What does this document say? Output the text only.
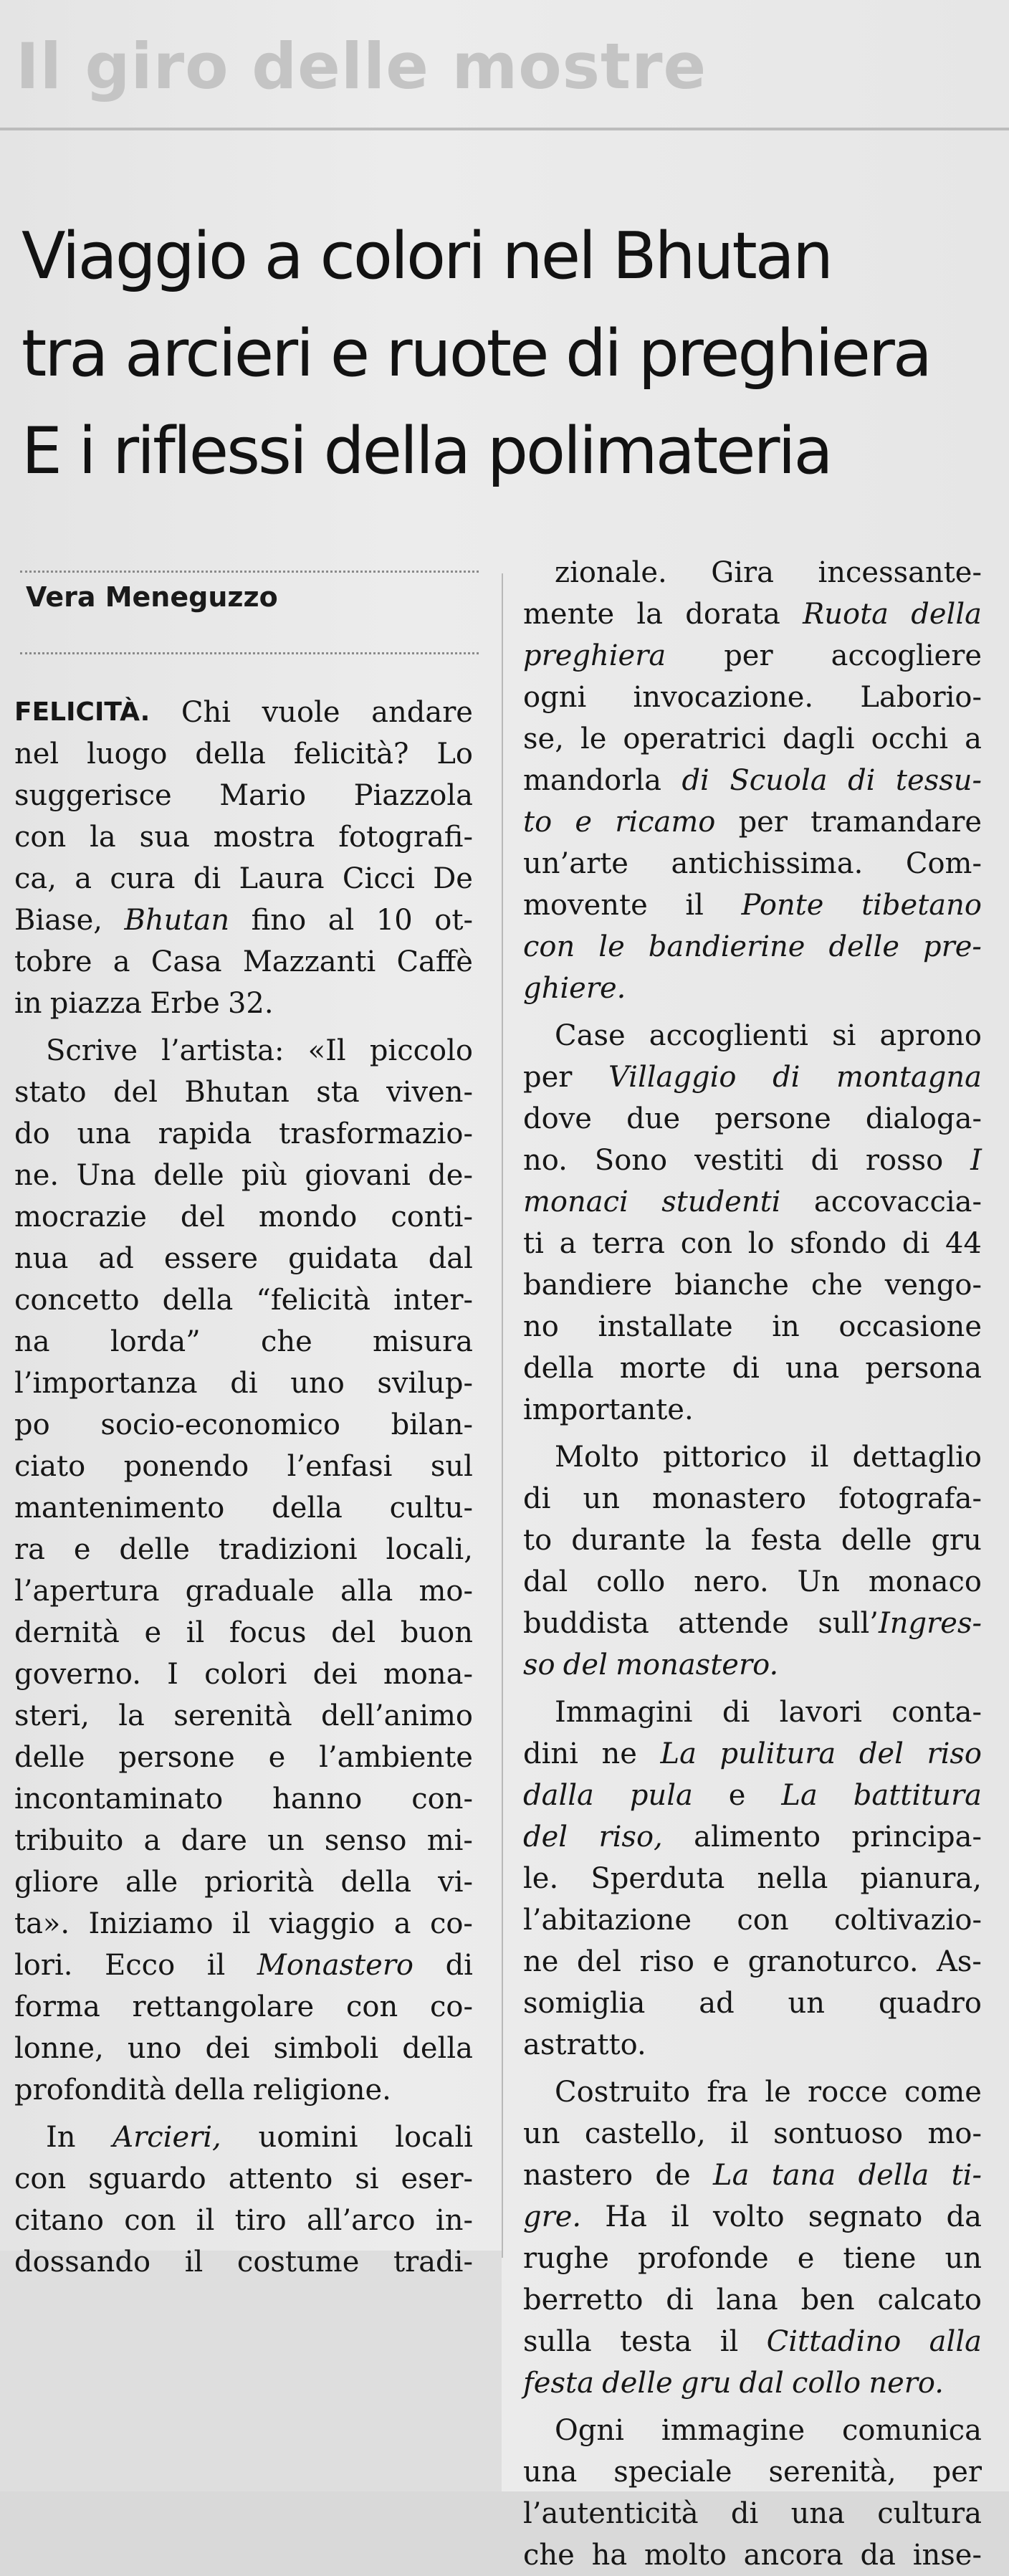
Il giro delle mostre
Viaggio a colori nel Bhutan
tra arcieri e ruote di preghiera
E i riflessi della polimateria
Vera Meneguzzo
FELICITÀ. Chi vuole andare
nel luogo della felicità? Lo
suggerisce Mario Piazzola
con la sua mostra fotografi-
ca, a cura di Laura Cicci De
Biase, Bhutan fino al 10 ot-
tobre a Casa Mazzanti Caffè
in piazza Erbe 32.
Scrive l’artista: «Il piccolo
stato del Bhutan sta viven-
do una rapida trasformazio-
ne. Una delle più giovani de-
mocrazie del mondo conti-
nua ad essere guidata dal
concetto della “felicità inter-
na lorda” che misura
l’importanza di uno svilup-
po socio-economico bilan-
ciato ponendo l’enfasi sul
mantenimento della cultu-
ra e delle tradizioni locali,
l’apertura graduale alla mo-
dernità e il focus del buon
governo. I colori dei mona-
steri, la serenità dell’animo
delle persone e l’ambiente
incontaminato hanno con-
tribuito a dare un senso mi-
gliore alle priorità della vi-
ta». Iniziamo il viaggio a co-
lori. Ecco il Monastero di
forma rettangolare con co-
lonne, uno dei simboli della
profondità della religione.
In Arcieri, uomini locali
con sguardo attento si eser-
citano con il tiro all’arco in-
dossando il costume tradi-
zionale. Gira incessante-
mente la dorata Ruota della
preghiera per accogliere
ogni invocazione. Laborio-
se, le operatrici dagli occhi a
mandorla di Scuola di tessu-
to e ricamo per tramandare
un’arte antichissima. Com-
movente il Ponte tibetano
con le bandierine delle pre-
ghiere.
Case accoglienti si aprono
per Villaggio di montagna
dove due persone dialoga-
no. Sono vestiti di rosso I
monaci studenti accovaccia-
ti a terra con lo sfondo di 44
bandiere bianche che vengo-
no installate in occasione
della morte di una persona
importante.
Molto pittorico il dettaglio
di un monastero fotografa-
to durante la festa delle gru
dal collo nero. Un monaco
buddista attende sull’Ingres-
so del monastero.
Immagini di lavori conta-
dini ne La pulitura del riso
dalla pula e La battitura
del riso, alimento principa-
le. Sperduta nella pianura,
l’abitazione con coltivazio-
ne del riso e granoturco. As-
somiglia ad un quadro
astratto.
Costruito fra le rocce come
un castello, il sontuoso mo-
nastero de La tana della ti-
gre. Ha il volto segnato da
rughe profonde e tiene un
berretto di lana ben calcato
sulla testa il Cittadino alla
festa delle gru dal collo nero.
Ogni immagine comunica
una speciale serenità, per
l’autenticità di una cultura
che ha molto ancora da inse-
